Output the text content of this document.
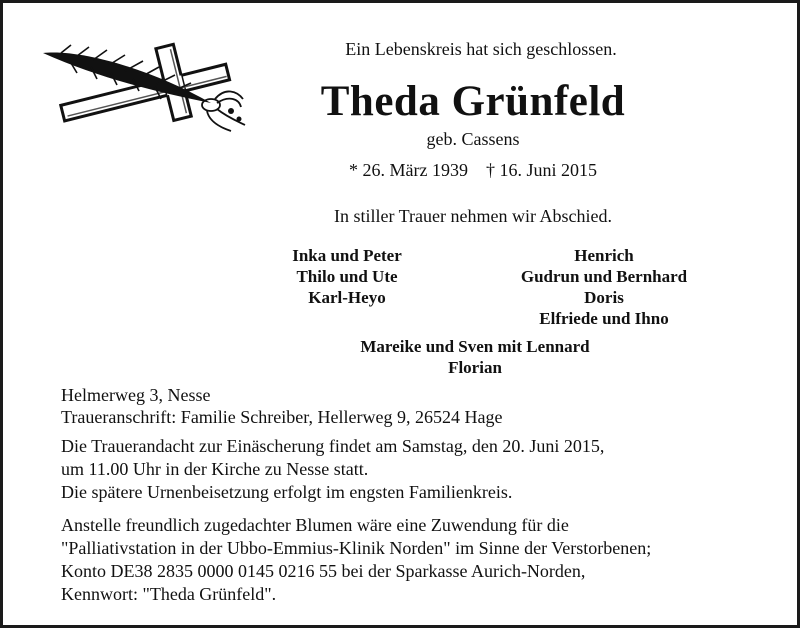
Ein Lebenskreis hat sich geschlossen.
Theda Grünfeld
geb. Cassens
* 26. März 1939 † 16. Juni 2015
In stiller Trauer nehmen wir Abschied.
Inka und Peter
Thilo und Ute
Karl-Heyo
Henrich
Gudrun und Bernhard
Doris
Elfriede und Ihno
Mareike und Sven mit Lennard
Florian
Helmerweg 3, Nesse
Traueranschrift: Familie Schreiber, Hellerweg 9, 26524 Hage
Die Trauerandacht zur Einäscherung findet am Samstag, den 20. Juni 2015,
um 11.00 Uhr in der Kirche zu Nesse statt.
Die spätere Urnenbeisetzung erfolgt im engsten Familienkreis.
Anstelle freundlich zugedachter Blumen wäre eine Zuwendung für die
"Palliativstation in der Ubbo-Emmius-Klinik Norden" im Sinne der Verstorbenen;
Konto DE38 2835 0000 0145 0216 55 bei der Sparkasse Aurich-Norden,
Kennwort: "Theda Grünfeld".
